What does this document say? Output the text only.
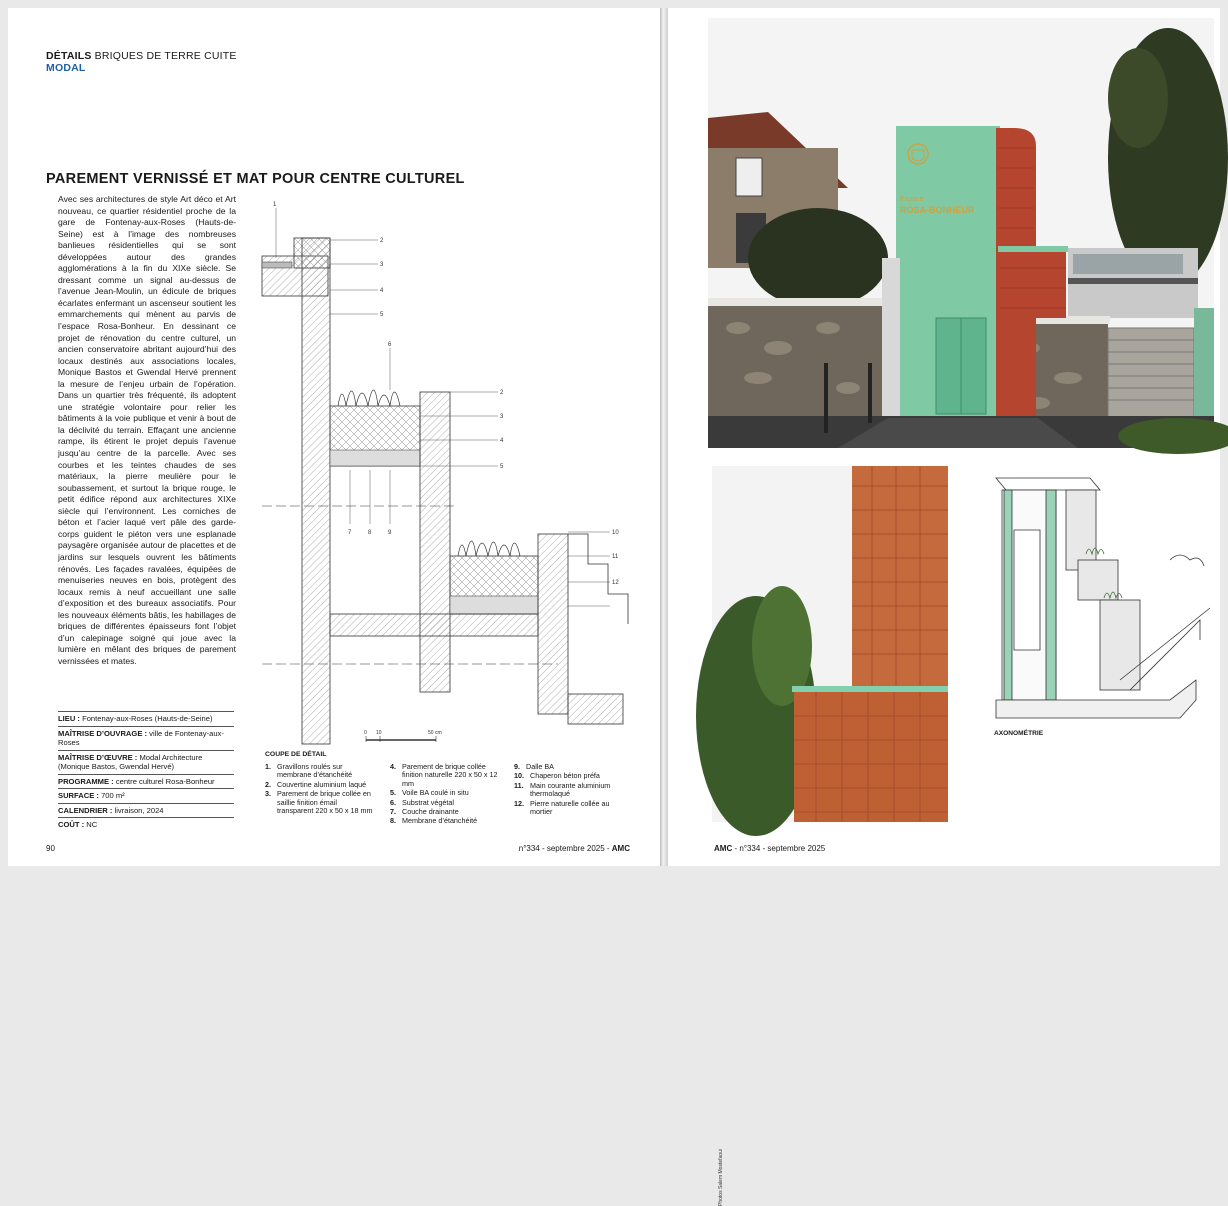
DÉTAILS BRIQUES DE TERRE CUITE
MODAL
PAREMENT VERNISSÉ ET MAT POUR CENTRE CULTUREL

Avec ses architectures de style Art déco et Art nouveau, ce quartier résidentiel proche de la gare de Fontenay-aux-Roses (Hauts-de-Seine) est à l’image des nombreuses banlieues résidentielles qui se sont développées autour des grandes agglomérations à la fin du XIXe siècle. Se dressant comme un signal au-dessus de l’avenue Jean-Moulin, un édicule de briques écarlates enfermant un ascenseur soutient les emmarchements qui mènent au parvis de l’espace Rosa-Bonheur. En dessinant ce projet de rénovation du centre culturel, un ancien conservatoire abritant aujourd’hui des locaux destinés aux associations locales, Monique Bastos et Gwendal Hervé prennent la mesure de l’enjeu urbain de l’opération. Dans un quartier très fréquenté, ils adoptent une stratégie volontaire pour relier les bâtiments à la voie publique et venir à bout de la déclivité du terrain. Effaçant une ancienne rampe, ils étirent le projet depuis l’avenue jusqu’au centre de la parcelle. Avec ses courbes et les teintes chaudes de ses matériaux, la pierre meulière pour le soubassement, et surtout la brique rouge, le petit édifice répond aux architectures XIXe siècle qui l’environnent. Les corniches de béton et l’acier laqué vert pâle des garde-corps guident le piéton vers une esplanade paysagère organisée autour de placettes et de jardins sur lesquels ouvrent les bâtiments rénovés. Les façades ravalées, équipées de menuiseries neuves en bois, protègent des locaux remis à neuf accueillant une salle d’exposition et des bureaux associatifs. Pour les nouveaux éléments bâtis, les habillages de briques de différentes épaisseurs font l’objet d’un calepinage soigné qui joue avec la lumière en mêlant des briques de parement vernissées et mates.

LIEU : Fontenay-aux-Roses (Hauts-de-Seine)
MAÎTRISE D’OUVRAGE : ville de Fontenay-aux-Roses
MAÎTRISE D’ŒUVRE : Modal Architecture (Monique Bastos, Gwendal Hervé)
PROGRAMME : centre culturel Rosa-Bonheur
SURFACE : 700 m²
CALENDRIER : livraison, 2024
COÛT : NC
1
2
3
4
5
6
2
3
4
5
7	8	9	10
11
12
0 10	50 cm
COUPE DE DÉTAIL
1. Gravillons roulés sur membrane d’étanchéité
2. Couvertine aluminium laqué
3. Parement de brique collée en saillie finition émail transparent 220 x 50 x 18 mm
4. Parement de brique collée finition naturelle 220 x 50 x 12 mm
5. Voile BA coulé in situ
6. Substrat végétal
7. Couche drainante
8. Membrane d’étanchéité
9. Dalle BA
10. Chaperon béton préfa
11. Main courante aluminium thermolaqué
12. Pierre naturelle collée au mortier
90	n°334 - septembre 2025 - AMC
Espace
ROSA-BONHEUR
Photos Salem Mostefaoui
AXONOMÉTRIE
AMC - n°334 - septembre 2025
